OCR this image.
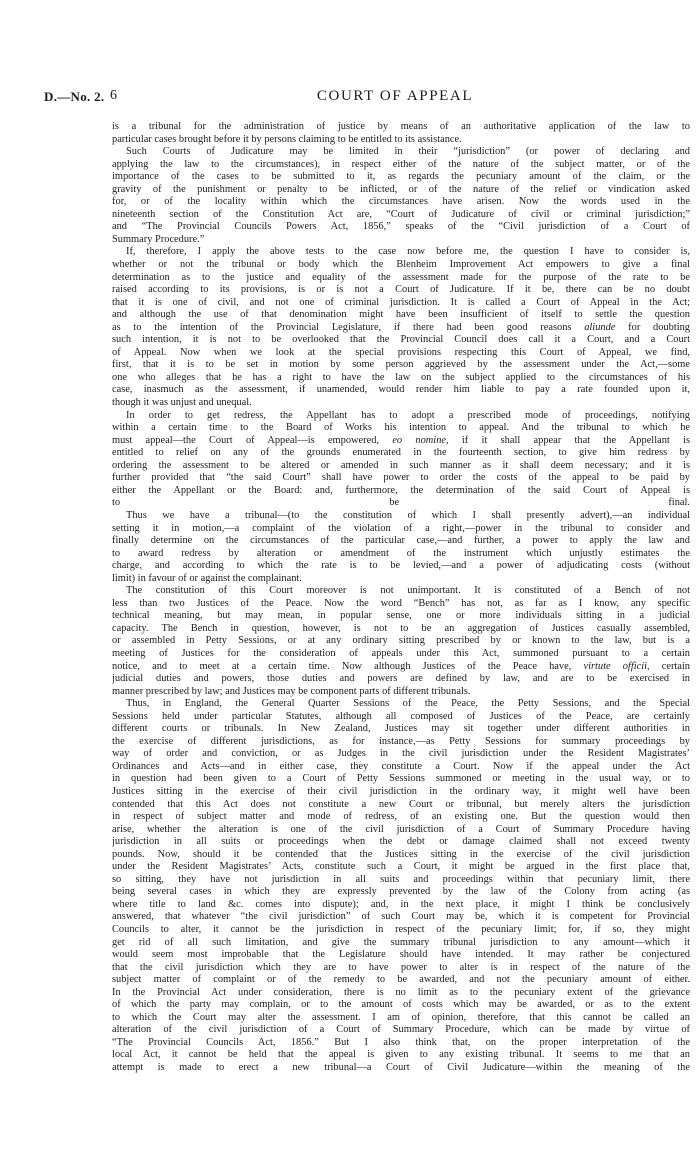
D.—No. 2. 6	COURT OF APPEAL
is a tribunal for the administration of justice by means of an authoritative application of the law to
particular cases brought before it by persons claiming to be entitled to its assistance.
Such Courts of Judicature may be limited in their “jurisdiction” (or power of declaring and
applying the law to the circumstances), in respect either of the nature of the subject matter, or of the
importance of the cases to be submitted to it, as regards the pecuniary amount of the claim, or the
gravity of the punishment or penalty to be inflicted, or of the nature of the relief or vindication asked
for, or of the locality within which the circumstances have arisen. Now the words used in the
nineteenth section of the Constitution Act are, “Court of Judicature of civil or criminal jurisdiction;”
and “The Provincial Councils Powers Act, 1856,” speaks of the “Civil jurisdiction of a Court of
Summary Procedure.”
If, therefore, I apply the above tests to the case now before me, the question I have to consider is,
whether or not the tribunal or body which the Blenheim Improvement Act empowers to give a final
determination as to the justice and equality of the assessment made for the purpose of the rate to be
raised according to its provisions, is or is not a Court of Judicature. If it be, there can be no doubt
that it is one of civil, and not one of criminal jurisdiction. It is called a Court of Appeal in the Act;
and although the use of that denomination might have been insufficient of itself to settle the question
as to the intention of the Provincial Legislature, if there had been good reasons aliunde for doubting
such intention, it is not to be overlooked that the Provincial Council does call it a Court, and a Court
of Appeal. Now when we look at the special provisions respecting this Court of Appeal, we find,
first, that it is to be set in motion by some person aggrieved by the assessment under the Act,—some
one who alleges that he has a right to have the law on the subject applied to the circumstances of his
case, inasmuch as the assessment, if unamended, would render him liable to pay a rate founded upon it,
though it was unjust and unequal.
In order to get redress, the Appellant has to adopt a prescribed mode of proceedings, notifying
within a certain time to the Board of Works his intention to appeal. And the tribunal to which he
must appeal—the Court of Appeal—is empowered, eo nomine, if it shall appear that the Appellant is
entitled to relief on any of the grounds enumerated in the fourteenth section, to give him redress by
ordering the assessment to be altered or amended in such manner as it shall deem necessary; and it is
further provided that “the said Court” shall have power to order the costs of the appeal to be paid by
either the Appellant or the Board: and, furthermore, the determination of the said Court of Appeal is
to be final.
Thus we have a tribunal—(to the constitution of which I shall presently advert),—an individual
setting it in motion,—a complaint of the violation of a right,—power in the tribunal to consider and
finally determine on the circumstances of the particular case,—and further, a power to apply the law and
to award redress by alteration or amendment of the instrument which unjustly estimates the
charge, and according to which the rate is to be levied,—and a power of adjudicating costs (without
limit) in favour of or against the complainant.
The constitution of this Court moreover is not unimportant. It is constituted of a Bench of not
less than two Justices of the Peace. Now the word “Bench” has not, as far as I know, any specific
technical meaning, but may mean, in popular sense, one or more individuals sitting in a judicial
capacity. The Bench in question, however, is not to be an aggregation of Justices casually assembled,
or assembled in Petty Sessions, or at any ordinary sitting prescribed by or known to the law, but is a
meeting of Justices for the consideration of appeals under this Act, summoned pursuant to a certain
notice, and to meet at a certain time. Now although Justices of the Peace have, virtute officii, certain
judicial duties and powers, those duties and powers are defined by law, and are to be exercised in
manner prescribed by law; and Justices may be component parts of different tribunals.
Thus, in England, the General Quarter Sessions of the Peace, the Petty Sessions, and the Special
Sessions held under particular Statutes, although all composed of Justices of the Peace, are certainly
different courts or tribunals. In New Zealand, Justices may sit together under different authorities in
the exercise of different jurisdictions, as for instance,—as Petty Sessions for summary proceedings by
way of order and conviction, or as Judges in the civil jurisdiction under the Resident Magistrates’
Ordinances and Acts—and in either case, they constitute a Court. Now if the appeal under the Act
in question had been given to a Court of Petty Sessions summoned or meeting in the usual way, or to
Justices sitting in the exercise of their civil jurisdiction in the ordinary way, it might well have been
contended that this Act does not constitute a new Court or tribunal, but merely alters the jurisdiction
in respect of subject matter and mode of redress, of an existing one. But the question would then
arise, whether the alteration is one of the civil jurisdiction of a Court of Summary Procedure having
jurisdiction in all suits or proceedings when the debt or damage claimed shall not exceed twenty
pounds. Now, should it be contended that the Justices sitting in the exercise of the civil jurisdiction
under the Resident Magistrates’ Acts, constitute such a Court, it might be argued in the first place that,
so sitting, they have not jurisdiction in all suits and proceedings within that pecuniary limit, there
being several cases in which they are expressly prevented by the law of the Colony from acting (as
where title to land &c. comes into dispute); and, in the next place, it might I think be conclusively
answered, that whatever “the civil jurisdiction” of such Court may be, which it is competent for Provincial
Councils to alter, it cannot be the jurisdiction in respect of the pecuniary limit; for, if so, they might
get rid of all such limitation, and give the summary tribunal jurisdiction to any amount—which it
would seem most improbable that the Legislature should have intended. It may rather be conjectured
that the civil jurisdiction which they are to have power to alter is in respect of the nature of the
subject matter of complaint or of the remedy to be awarded, and not the pecuniary amount of either.
In the Provincial Act under consideration, there is no limit as to the pecuniary extent of the grievance
of which the party may complain, or to the amount of costs which may be awarded, or as to the extent
to which the Court may alter the assessment. I am of opinion, therefore, that this cannot be called an
alteration of the civil jurisdiction of a Court of Summary Procedure, which can be made by virtue of
“The Provincial Councils Act, 1856.” But I also think that, on the proper interpretation of the
local Act, it cannot be held that the appeal is given to any existing tribunal. It seems to me that an
attempt is made to erect a new tribunal—a Court of Civil Judicature—within the meaning of the
